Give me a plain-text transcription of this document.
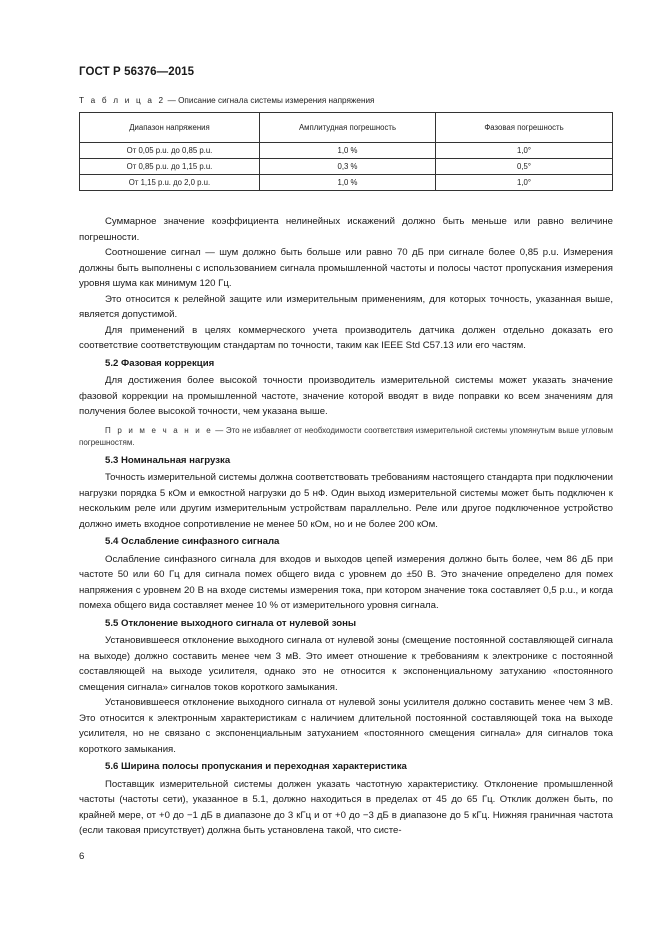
ГОСТ Р 56376—2015
Т а б л и ц а 2 — Описание сигнала системы измерения напряжения
Диапазон напряжения	Амплитудная погрешность	Фазовая погрешность
От 0,05 p.u. до 0,85 p.u.	1,0 %	1,0°
От 0,85 p.u. до 1,15 p.u.	0,3 %	0,5°
От 1,15 p.u. до 2,0 p.u.	1,0 %	1,0°

Суммарное значение коэффициента нелинейных искажений должно быть меньше или равно величине погрешности.

Соотношение сигнал — шум должно быть больше или равно 70 дБ при сигнале более 0,85 p.u. Измерения должны быть выполнены с использованием сигнала промышленной частоты и полосы частот пропускания измерения уровня шума как минимум 120 Гц.

Это относится к релейной защите или измерительным применениям, для которых точность, указанная выше, является допустимой.

Для применений в целях коммерческого учета производитель датчика должен отдельно доказать его соответствие соответствующим стандартам по точности, таким как IEEE Std C57.13 или его частям.

5.2 Фазовая коррекция

Для достижения более высокой точности производитель измерительной системы может указать значение фазовой коррекции на промышленной частоте, значение которой вводят в виде поправки ко всем значениям для получения более высокой точности, чем указана выше.

П р и м е ч а н и е — Это не избавляет от необходимости соответствия измерительной системы упомянутым выше угловым погрешностям.

5.3 Номинальная нагрузка

Точность измерительной системы должна соответствовать требованиям настоящего стандарта при подключении нагрузки порядка 5 кОм и емкостной нагрузки до 5 нФ. Один выход измерительной системы может быть подключен к нескольким реле или другим измерительным устройствам параллельно. Реле или другое подключенное устройство должно иметь входное сопротивление не менее 50 кОм, но и не более 200 кОм.

5.4 Ослабление синфазного сигнала

Ослабление синфазного сигнала для входов и выходов цепей измерения должно быть более, чем 86 дБ при частоте 50 или 60 Гц для сигнала помех общего вида с уровнем до ±50 В. Это значение определено для помех напряжения с уровнем 20 В на входе системы измерения тока, при котором значение тока составляет 0,5 p.u., и когда помеха общего вида составляет менее 10 % от измерительного уровня сигнала.

5.5 Отклонение выходного сигнала от нулевой зоны

Установившееся отклонение выходного сигнала от нулевой зоны (смещение постоянной составляющей сигнала на выходе) должно составить менее чем 3 мВ. Это имеет отношение к требованиям к электронике с постоянной составляющей на выходе усилителя, однако это не относится к экспоненциальному затуханию «постоянного смещения сигнала» сигналов токов короткого замыкания.

Установившееся отклонение выходного сигнала от нулевой зоны усилителя должно составить менее чем 3 мВ. Это относится к электронным характеристикам с наличием длительной постоянной составляющей тока на выходе усилителя, но не связано с экспоненциальным затуханием «постоянного смещения сигнала» для сигналов тока короткого замыкания.

5.6 Ширина полосы пропускания и переходная характеристика

Поставщик измерительной системы должен указать частотную характеристику. Отклонение промышленной частоты (частоты сети), указанное в 5.1, должно находиться в пределах от 45 до 65 Гц. Отклик должен быть, по крайней мере, от +0 до −1 дБ в диапазоне до 3 кГц и от +0 до −3 дБ в диапазоне до 5 кГц. Нижняя граничная частота (если таковая присутствует) должна быть установлена такой, что систе-

6
